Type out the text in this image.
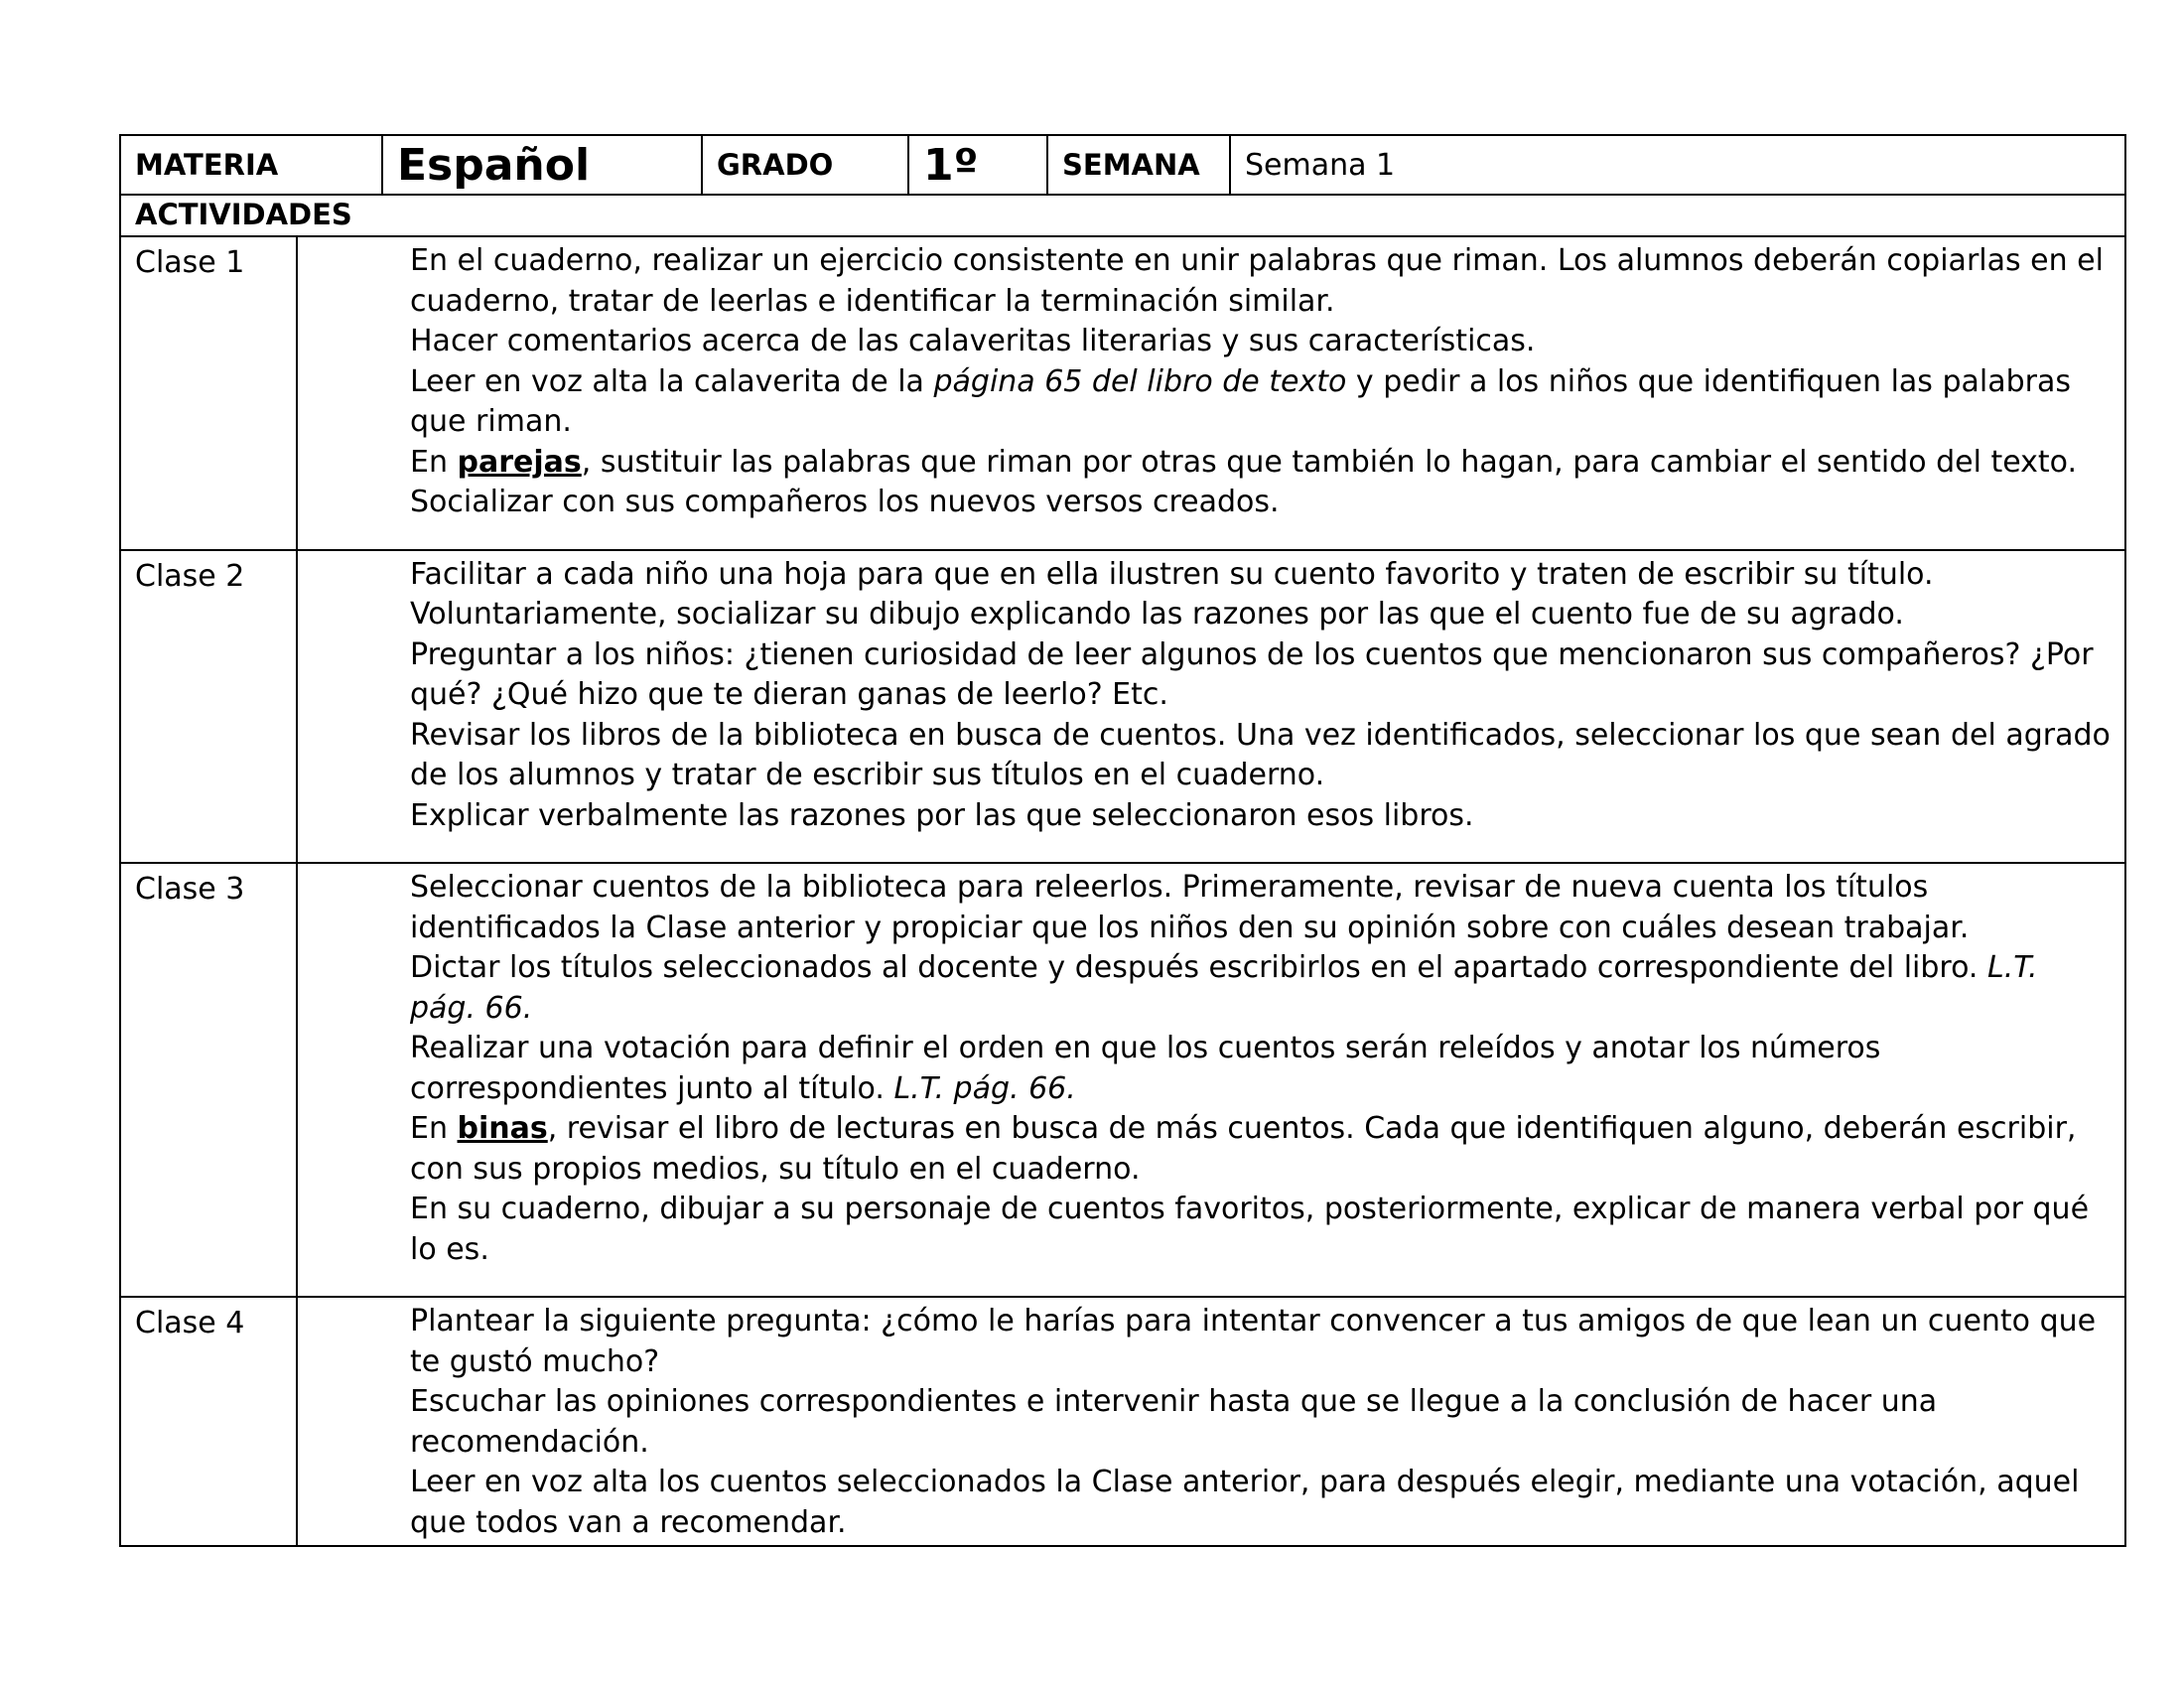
MATERIA		Español	GRADO	1º	SEMANA	Semana 1
ACTIVIDADES						
Clase 1	En el cuaderno, realizar un ejercicio consistente en unir palabras que riman. Los alumnos deberán copiarlas en el cuaderno, tratar de leerlas e identificar la terminación similar.

Hacer comentarios acerca de las calaveritas literarias y sus características.

Leer en voz alta la calaverita de la página 65 del libro de texto y pedir a los niños que identifiquen las palabras que riman.

En parejas, sustituir las palabras que riman por otras que también lo hagan, para cambiar el sentido del texto.

Socializar con sus compañeros los nuevos versos creados.					

Clase 2	Facilitar a cada niño una hoja para que en ella ilustren su cuento favorito y traten de escribir su título.

Voluntariamente, socializar su dibujo explicando las razones por las que el cuento fue de su agrado.

Preguntar a los niños: ¿tienen curiosidad de leer algunos de los cuentos que mencionaron sus compañeros? ¿Por qué? ¿Qué hizo que te dieran ganas de leerlo? Etc.

Revisar los libros de la biblioteca en busca de cuentos. Una vez identificados, seleccionar los que sean del agrado de los alumnos y tratar de escribir sus títulos en el cuaderno.

Explicar verbalmente las razones por las que seleccionaron esos libros.					

Clase 3	Seleccionar cuentos de la biblioteca para releerlos. Primeramente, revisar de nueva cuenta los títulos identificados la Clase anterior y propiciar que los niños den su opinión sobre con cuáles desean trabajar.

Dictar los títulos seleccionados al docente y después escribirlos en el apartado correspondiente del libro. L.T. pág. 66.

Realizar una votación para definir el orden en que los cuentos serán releídos y anotar los números correspondientes junto al título. L.T. pág. 66.

En binas, revisar el libro de lecturas en busca de más cuentos. Cada que identifiquen alguno, deberán escribir, con sus propios medios, su título en el cuaderno.

En su cuaderno, dibujar a su personaje de cuentos favoritos, posteriormente, explicar de manera verbal por qué lo es.					

Clase 4	Plantear la siguiente pregunta: ¿cómo le harías para intentar convencer a tus amigos de que lean un cuento que te gustó mucho?

Escuchar las opiniones correspondientes e intervenir hasta que se llegue a la conclusión de hacer una recomendación.

Leer en voz alta los cuentos seleccionados la Clase anterior, para después elegir, mediante una votación, aquel que todos van a recomendar.					
